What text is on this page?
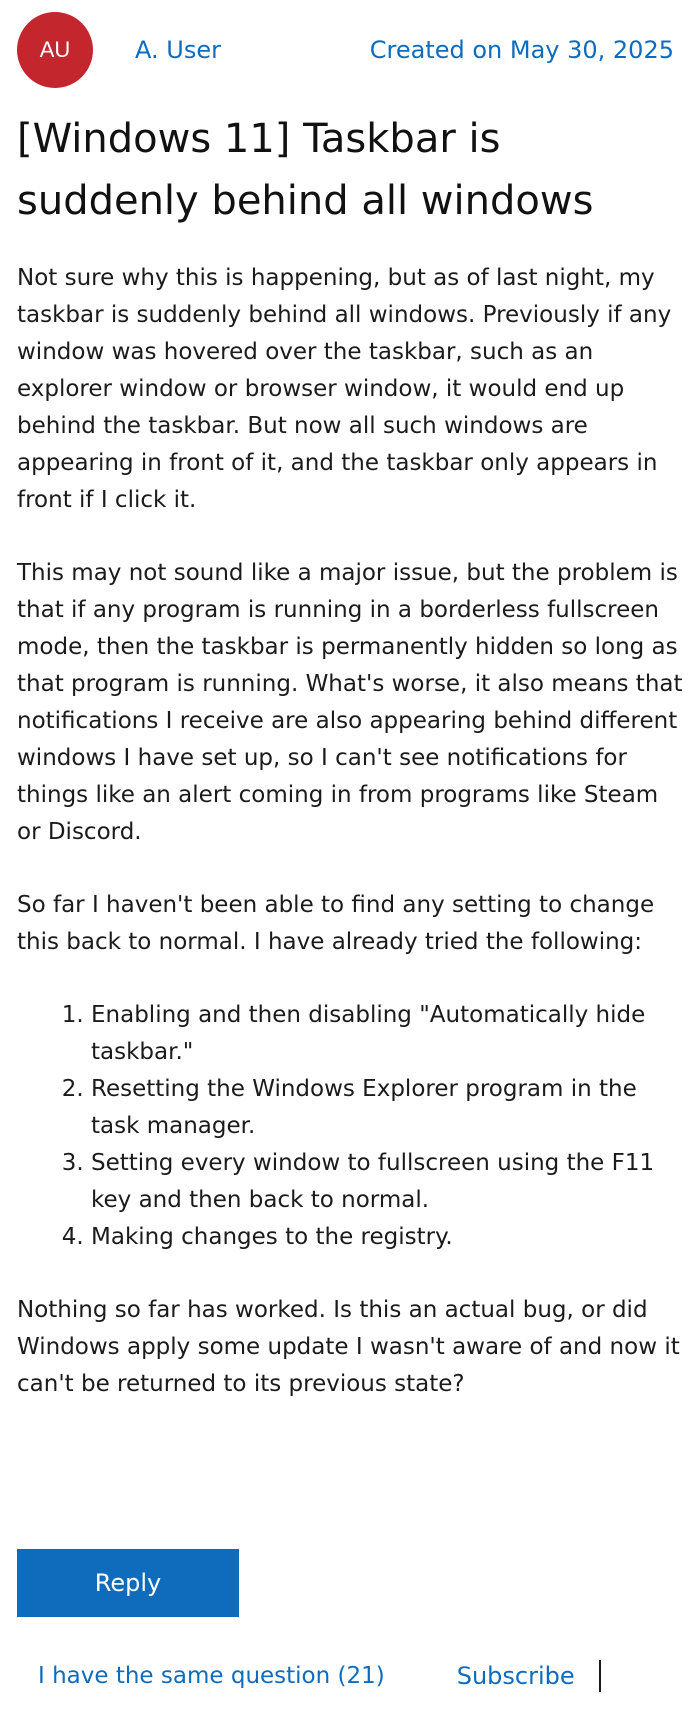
AU	A. User	Created on May 30, 2025
[Windows 11] Taskbar is suddenly behind all windows

Not sure why this is happening, but as of last night, my taskbar is suddenly behind all windows. Previously if any window was hovered over the taskbar, such as an explorer window or browser window, it would end up behind the taskbar. But now all such windows are appearing in front of it, and the taskbar only appears in front if I click it.

This may not sound like a major issue, but the problem is that if any program is running in a borderless fullscreen mode, then the taskbar is permanently hidden so long as that program is running. What's worse, it also means that notifications I receive are also appearing behind different windows I have set up, so I can't see notifications for things like an alert coming in from programs like Steam or Discord.

So far I haven't been able to find any setting to change this back to normal. I have already tried the following:

1. Enabling and then disabling "Automatically hide taskbar."
2. Resetting the Windows Explorer program in the task manager.
3. Setting every window to fullscreen using the F11 key and then back to normal.
4. Making changes to the registry.

Nothing so far has worked. Is this an actual bug, or did Windows apply some update I wasn't aware of and now it can't be returned to its previous state?

Reply
I have the same question (21)	Subscribe
